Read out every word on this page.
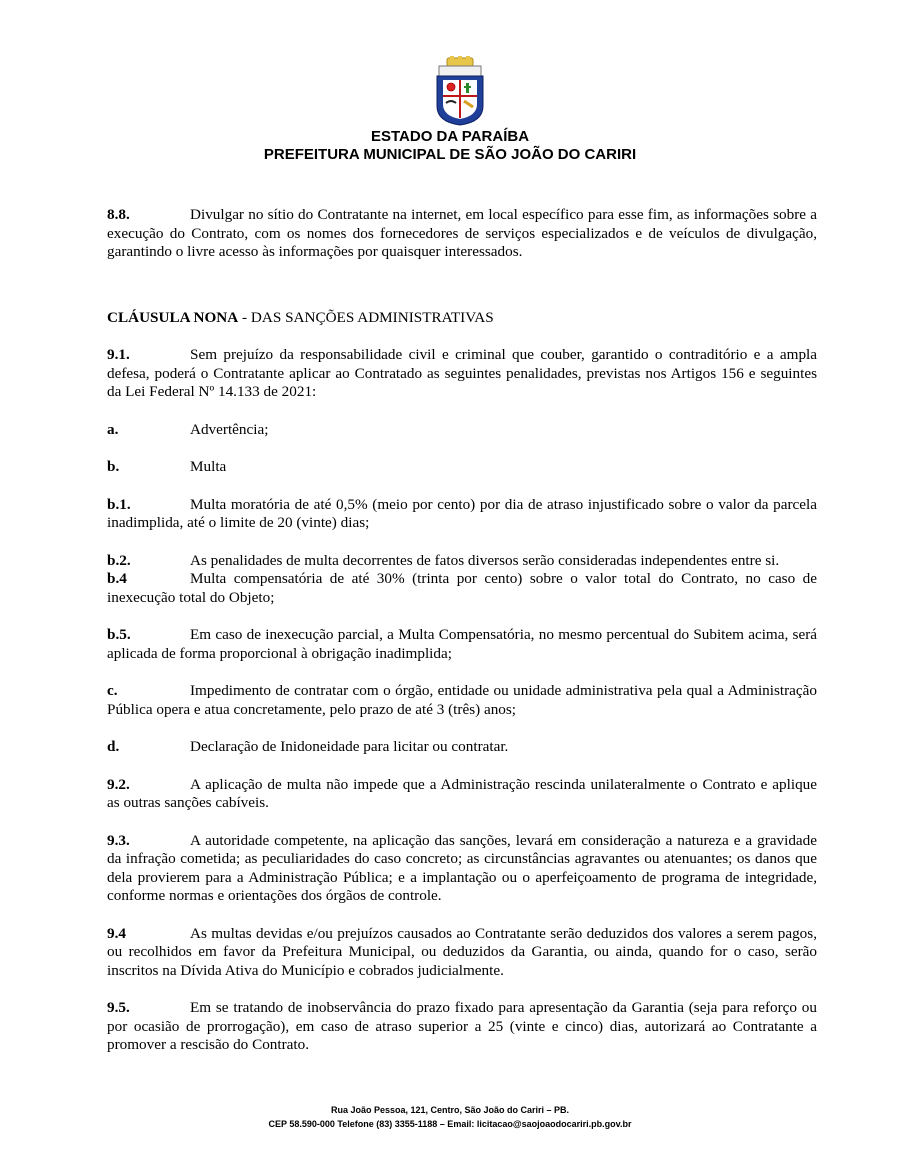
ESTADO DA PARAÍBA
PREFEITURA MUNICIPAL DE SÃO JOÃO DO CARIRI

8.8.	Divulgar no sítio do Contratante na internet, em local específico para esse fim, as informações sobre a execução do Contrato, com os nomes dos fornecedores de serviços especializados e de veículos de divulgação, garantindo o livre acesso às informações por quaisquer interessados.

CLÁUSULA NONA - DAS SANÇÕES ADMINISTRATIVAS

9.1.	Sem prejuízo da responsabilidade civil e criminal que couber, garantido o contraditório e a ampla defesa, poderá o Contratante aplicar ao Contratado as seguintes penalidades, previstas nos Artigos 156 e seguintes da Lei Federal Nº 14.133 de 2021:

a.	Advertência;

b.	Multa

b.1.	Multa moratória de até 0,5% (meio por cento) por dia de atraso injustificado sobre o valor da parcela inadimplida, até o limite de 20 (vinte) dias;

b.2.	As penalidades de multa decorrentes de fatos diversos serão consideradas independentes entre si.

b.4	Multa compensatória de até 30% (trinta por cento) sobre o valor total do Contrato, no caso de inexecução total do Objeto;

b.5.	Em caso de inexecução parcial, a Multa Compensatória, no mesmo percentual do Subitem acima, será aplicada de forma proporcional à obrigação inadimplida;

c.	Impedimento de contratar com o órgão, entidade ou unidade administrativa pela qual a Administração Pública opera e atua concretamente, pelo prazo de até 3 (três) anos;

d.	Declaração de Inidoneidade para licitar ou contratar.

9.2.	A aplicação de multa não impede que a Administração rescinda unilateralmente o Contrato e aplique as outras sanções cabíveis.

9.3.	A autoridade competente, na aplicação das sanções, levará em consideração a natureza e a gravidade da infração cometida; as peculiaridades do caso concreto; as circunstâncias agravantes ou atenuantes; os danos que dela provierem para a Administração Pública; e a implantação ou o aperfeiçoamento de programa de integridade, conforme normas e orientações dos órgãos de controle.

9.4	As multas devidas e/ou prejuízos causados ao Contratante serão deduzidos dos valores a serem pagos, ou recolhidos em favor da Prefeitura Municipal, ou deduzidos da Garantia, ou ainda, quando for o caso, serão inscritos na Dívida Ativa do Município e cobrados judicialmente.

9.5.	Em se tratando de inobservância do prazo fixado para apresentação da Garantia (seja para reforço ou por ocasião de prorrogação), em caso de atraso superior a 25 (vinte e cinco) dias, autorizará ao Contratante a promover a rescisão do Contrato.

Rua João Pessoa, 121, Centro, São João do Cariri – PB.
CEP 58.590-000 Telefone (83) 3355-1188 – Email: licitacao@saojoaodocariri.pb.gov.br
